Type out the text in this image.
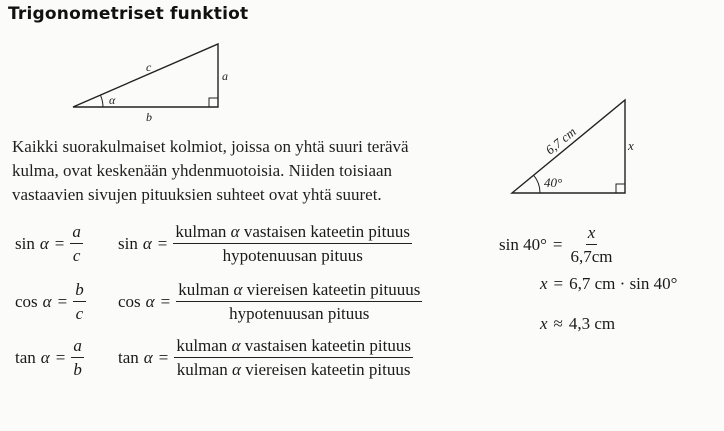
Trigonometriset funktiot
c
a
b
α
6,7 cm	x
40°
Kaikki suorakulmaiset kolmiot, joissa on yhtä suuri terävä kulma, ovat keskenään yhdenmuotoisia. Niiden toisiaan vastaavien sivujen pituuksien suhteet ovat yhtä suuret.
$\sin \alpha = \frac{a}{c}$ $\sin \alpha = \frac{\text{kulman α vastaisen kateetin pituus}}{\text{hypotenuusan pituus}}$
$\cos \alpha = \frac{b}{c}$ $\cos \alpha = \frac{\text{kulman α viereisen kateetin pituuus}}{\text{hypotenuusan pituus}}$
$\tan \alpha = \frac{a}{b}$ $\tan \alpha = \frac{\text{kulman α vastaisen kateetin pituus}}{\text{kulman α viereisen kateetin pituus}}$
$\sin 40^\circ = \frac{x}{6,7cm}$
x = 6,7 cm · sin 40°
x ≈ 4,3 cm
